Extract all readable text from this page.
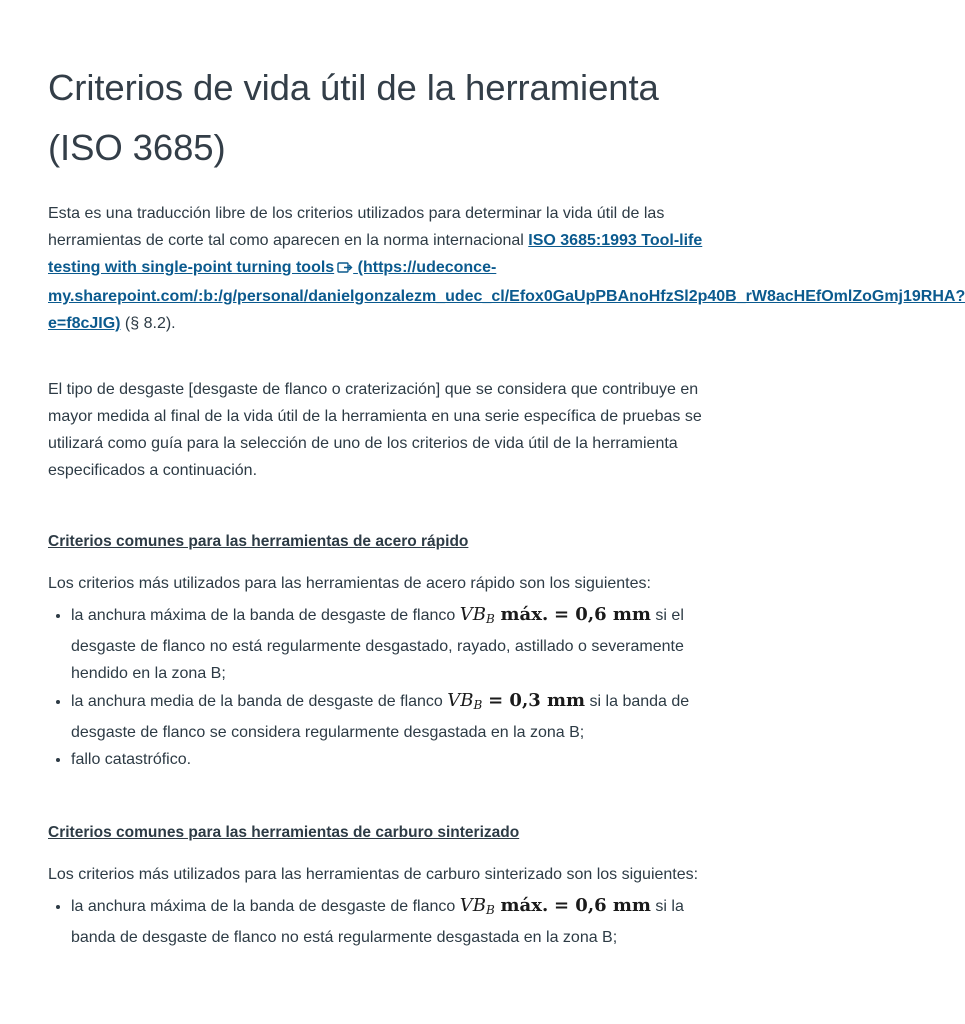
Criterios de vida útil de la herramienta (ISO 3685)

Esta es una traducción libre de los criterios utilizados para determinar la vida útil de las herramientas de corte tal como aparecen en la norma internacional ISO 3685:1993 Tool-life testing with single-point turning tools (https://udeconce-my.sharepoint.com/:b:/g/personal/danielgonzalezm_udec_cl/Efox0GaUpPBAnoHfzSl2p40B_rW8acHEfOmlZoGmj19RHA?e=f8cJIG) (§ 8.2).

El tipo de desgaste [desgaste de flanco o craterización] que se considera que contribuye en mayor medida al final de la vida útil de la herramienta en una serie específica de pruebas se utilizará como guía para la selección de uno de los criterios de vida útil de la herramienta especificados a continuación.

Criterios comunes para las herramientas de acero rápido

Los criterios más utilizados para las herramientas de acero rápido son los siguientes:

• la anchura máxima de la banda de desgaste de flanco $VB_B$ máx. = 0,6 mm si el desgaste de flanco no está regularmente desgastado, rayado, astillado o severamente hendido en la zona B;
• la anchura media de la banda de desgaste de flanco $VB_B = 0,3$ mm si la banda de desgaste de flanco se considera regularmente desgastada en la zona B;
• fallo catastrófico.
Criterios comunes para las herramientas de carburo sinterizado

Los criterios más utilizados para las herramientas de carburo sinterizado son los siguientes:

• la anchura máxima de la banda de desgaste de flanco $VB_B$ máx. = 0,6 mm si la banda de desgaste de flanco no está regularmente desgastada en la zona B;
